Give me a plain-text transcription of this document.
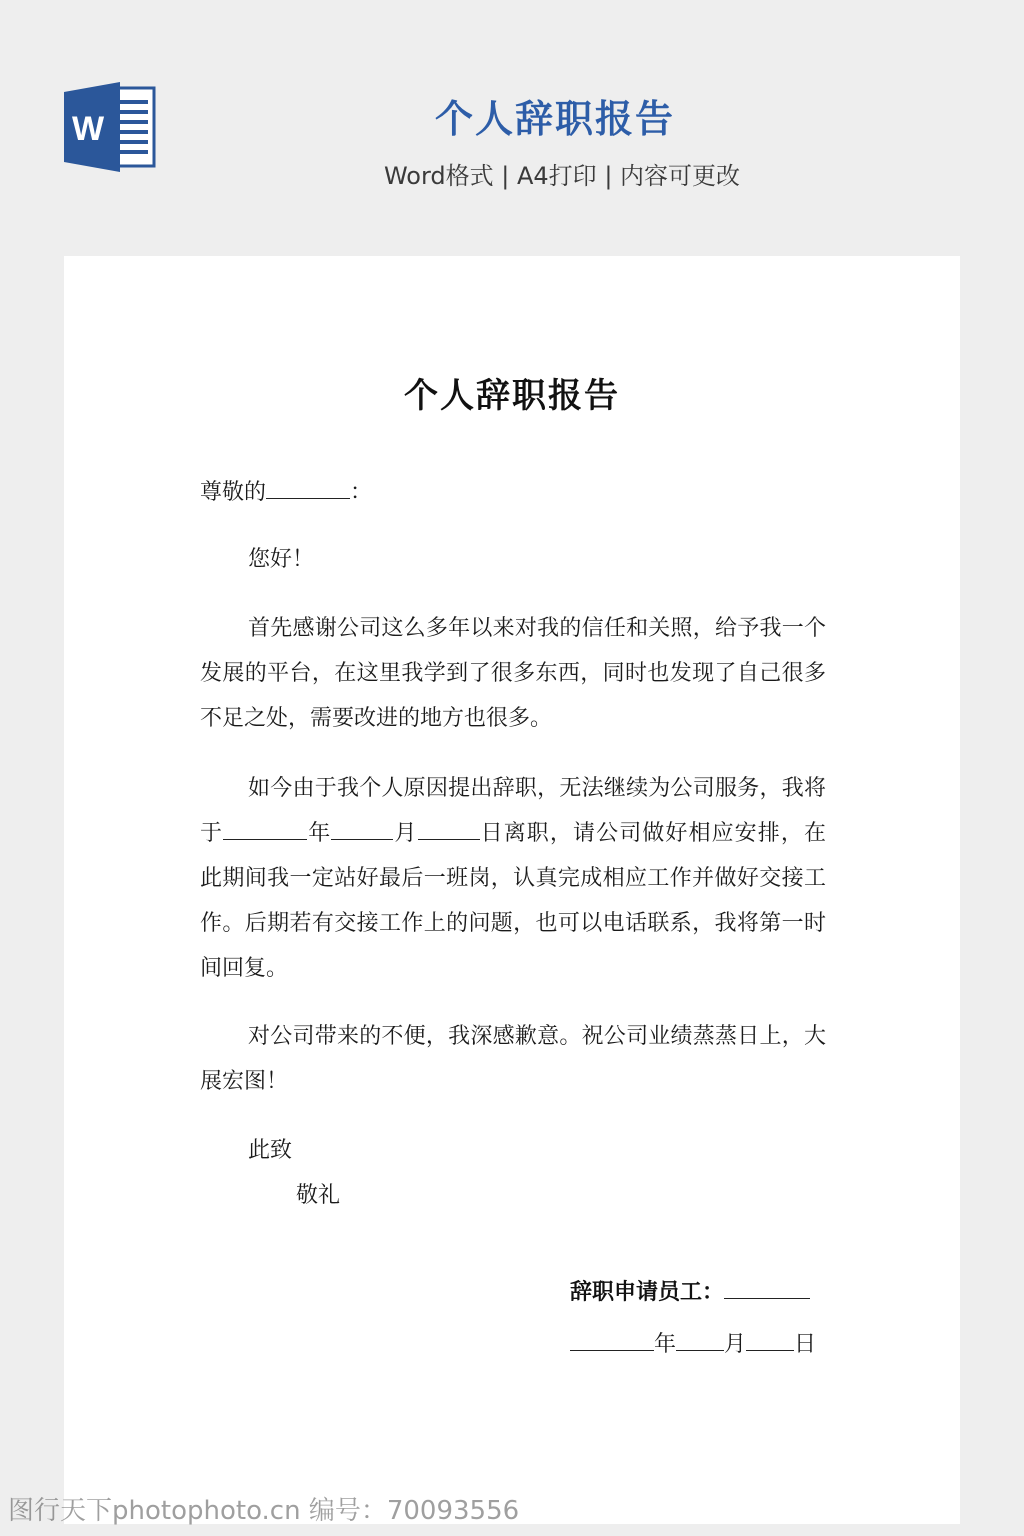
W	个人辞职报告
Word格式 | A4打印 | 内容可更改
个人辞职报告
尊敬的	：
您好！
首先感谢公司这么多年以来对我的信任和关照，给予我一个发展的平台，在这里我学到了很多东西，同时也发现了自己很多不足之处，需要改进的地方也很多。
如今由于我个人原因提出辞职，无法继续为公司服务，我将于	年	月	日离职，请公司做好相应安排，在此期间我一定站好最后一班岗，认真完成相应工作并做好交接工作。后期若有交接工作上的问题，也可以电话联系，我将第一时间回复。
对公司带来的不便，我深感歉意。祝公司业绩蒸蒸日上，大展宏图！
此致
敬礼
辞职申请员工：
年 月 日
图行天下photophoto.cn 编号：70093556
